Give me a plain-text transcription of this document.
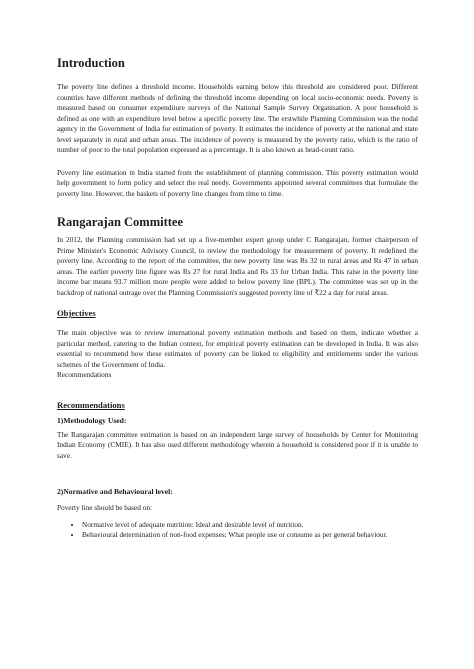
Introduction

The poverty line defines a threshold income. Households earning below this threshold are considered poor. Different countries have different methods of defining the threshold income depending on local socio-economic needs. Poverty is measured based on consumer expenditure surveys of the National Sample Survey Organisation. A poor household is defined as one with an expenditure level below a specific poverty line. The erstwhile Planning Commission was the nodal agency in the Government of India for estimation of poverty. It estimates the incidence of poverty at the national and state level separately in rural and urban areas. The incidence of poverty is measured by the poverty ratio, which is the ratio of number of poor to the total population expressed as a percentage. It is also known as head-count ratio.

Poverty line estimation in India started from the establishment of planning commission. This poverty estimation would help government to form policy and select the real needy. Governments appointed several committees that formulate the poverty line. However, the baskets of poverty line changes from time to time.

Rangarajan Committee

In 2012, the Planning commission had set up a five-member expert group under C Rangarajan, former chairperson of Prime Minister's Economic Advisory Council, to review the methodology for measurement of poverty. It redefined the poverty line. According to the report of the committee, the new poverty line was Rs 32 in rural areas and Rs 47 in urban areas. The earlier poverty line figure was Rs 27 for rural India and Rs 33 for Urban India. This raise in the poverty line income bar means 93.7 million more people were added to below poverty line (BPL). The committee was set up in the backdrop of national outrage over the Planning Commission's suggested poverty line of ₹22 a day for rural areas.

Objectives

The main objective was to review international poverty estimation methods and based on them, indicate whether a particular method, catering to the Indian context, for empirical poverty estimation can be developed in India. It was also essential to recommend how these estimates of poverty can be linked to eligibility and entitlements under the various schemes of the Government of India.

Recommendations

Recommendations
1)Methodology Used:

The Rangarajan committee estimation is based on an independent large survey of households by Center for Monitoring Indian Economy (CMIE). It has also used different methodology wherein a household is considered poor if it is unable to save.

2)Normative and Behavioural level:

Poverty line should be based on:

• Normative level of adequate nutrition: Ideal and desirable level of nutrition.
• Behavioural determination of non-food expenses: What people use or consume as per general behaviour.
